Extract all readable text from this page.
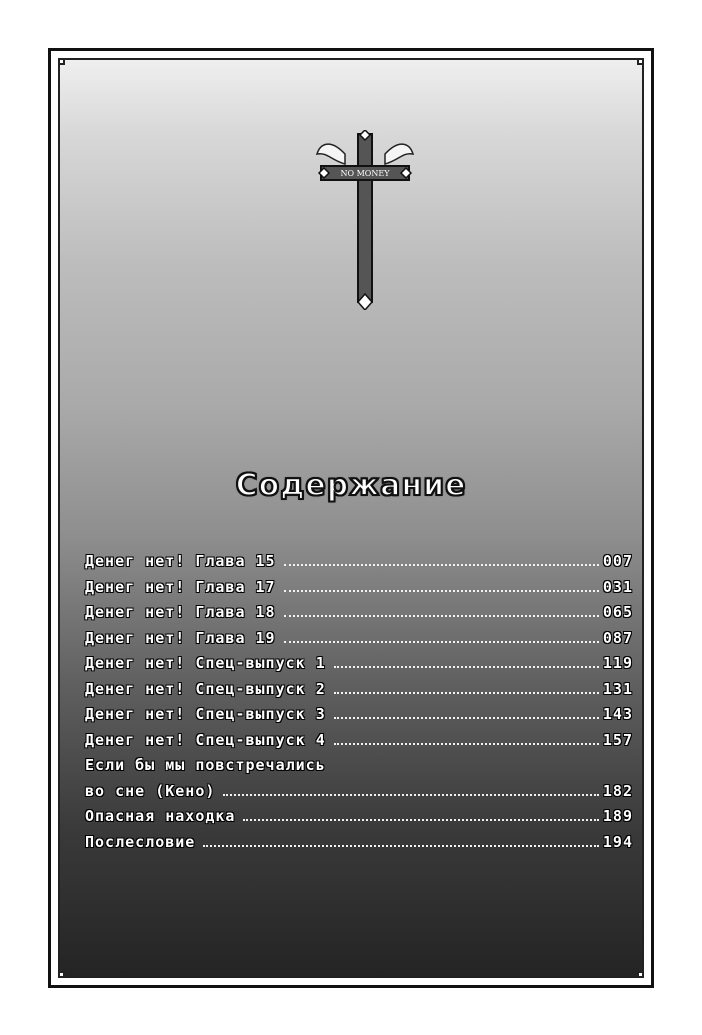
NO MONEY
Содержание
Денег нет! Глава 15	007
Денег нет! Глава 17	031
Денег нет! Глава 18	065
Денег нет! Глава 19	087
Денег нет! Спец-выпуск 1	119
Денег нет! Спец-выпуск 2	131
Денег нет! Спец-выпуск 3	143
Денег нет! Спец-выпуск 4	157
Если бы мы повстречались
во сне (Кено)	182
Опасная находка	189
Послесловие	194
